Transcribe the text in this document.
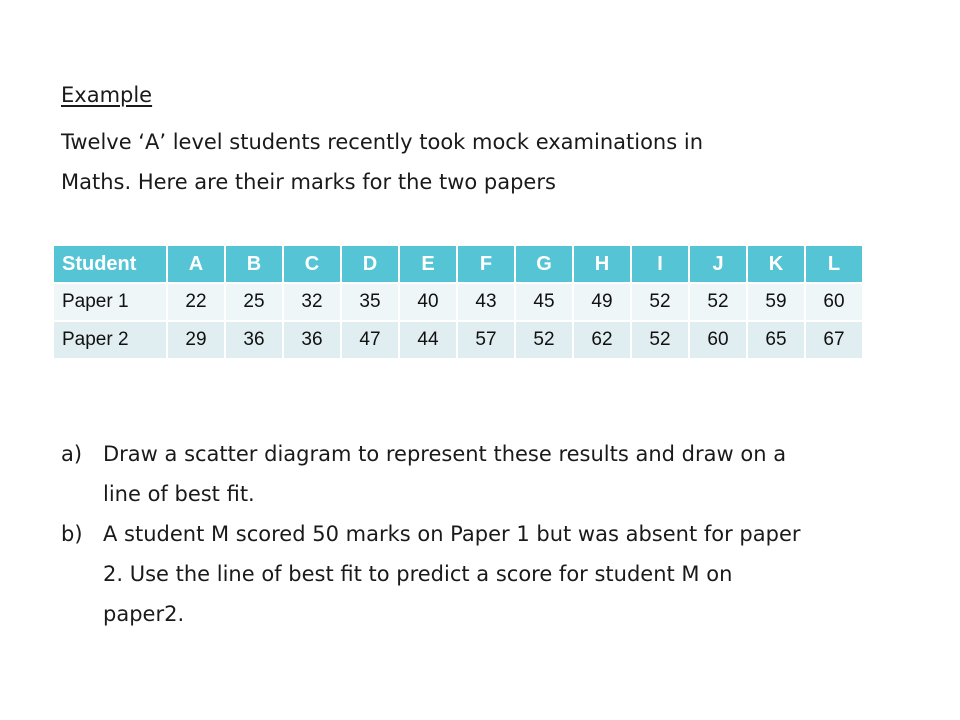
Example
Twelve ‘A’ level students recently took mock examinations in
Maths. Here are their marks for the two papers
Student	A	B	C	D	E	F	G	H	I	J	K	L
Paper 1	22	25	32	35	40	43	45	49	52	52	59	60
Paper 2	29	36	36	47	44	57	52	62	52	60	65	67
a) Draw a scatter diagram to represent these results and draw on a
line of best fit.
b) A student M scored 50 marks on Paper 1 but was absent for paper
2. Use the line of best fit to predict a score for student M on
paper2.
